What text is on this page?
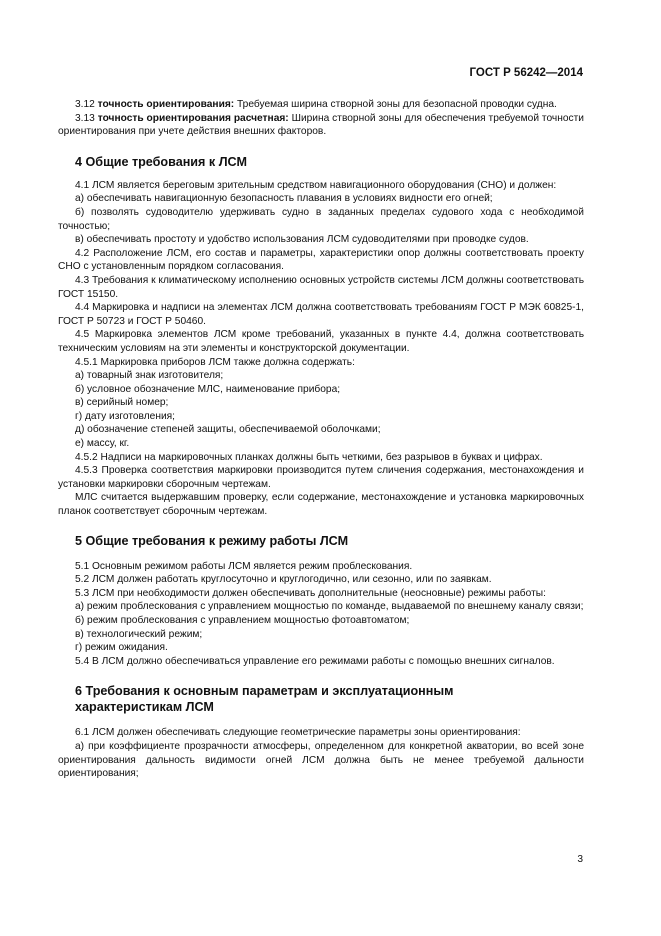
ГОСТ Р 56242—2014

3.12 точность ориентирования: Требуемая ширина створной зоны для безопасной проводки судна.

3.13 точность ориентирования расчетная: Ширина створной зоны для обеспечения требуемой точности ориентирования при учете действия внешних факторов.

4 Общие требования к ЛСМ

4.1 ЛСМ является береговым зрительным средством навигационного оборудования (СНО) и должен:

а) обеспечивать навигационную безопасность плавания в условиях видности его огней;

б) позволять судоводителю удерживать судно в заданных пределах судового хода с необходимой точностью;

в) обеспечивать простоту и удобство использования ЛСМ судоводителями при проводке судов.

4.2 Расположение ЛСМ, его состав и параметры, характеристики опор должны соответствовать проекту СНО с установленным порядком согласования.

4.3 Требования к климатическому исполнению основных устройств системы ЛСМ должны соответствовать ГОСТ 15150.

4.4 Маркировка и надписи на элементах ЛСМ должна соответствовать требованиям ГОСТ Р МЭК 60825-1, ГОСТ Р 50723 и ГОСТ Р 50460.

4.5 Маркировка элементов ЛСМ кроме требований, указанных в пункте 4.4, должна соответствовать техническим условиям на эти элементы и конструкторской документации.

4.5.1 Маркировка приборов ЛСМ также должна содержать:

а) товарный знак изготовителя;

б) условное обозначение МЛС, наименование прибора;

в) серийный номер;

г) дату изготовления;

д) обозначение степеней защиты, обеспечиваемой оболочками;

е) массу, кг.

4.5.2 Надписи на маркировочных планках должны быть четкими, без разрывов в буквах и цифрах.

4.5.3 Проверка соответствия маркировки производится путем сличения содержания, местонахождения и установки маркировки сборочным чертежам.

МЛС считается выдержавшим проверку, если содержание, местонахождение и установка маркировочных планок соответствует сборочным чертежам.

5 Общие требования к режиму работы ЛСМ

5.1 Основным режимом работы ЛСМ является режим проблескования.

5.2 ЛСМ должен работать круглосуточно и круглогодично, или сезонно, или по заявкам.

5.3 ЛСМ при необходимости должен обеспечивать дополнительные (неосновные) режимы работы:

а) режим проблескования с управлением мощностью по команде, выдаваемой по внешнему каналу связи;

б) режим проблескования с управлением мощностью фотоавтоматом;

в) технологический режим;

г) режим ожидания.

5.4 В ЛСМ должно обеспечиваться управление его режимами работы с помощью внешних сигналов.

6 Требования к основным параметрам и эксплуатационным
характеристикам ЛСМ

6.1 ЛСМ должен обеспечивать следующие геометрические параметры зоны ориентирования:

а) при коэффициенте прозрачности атмосферы, определенном для конкретной акватории, во всей зоне ориентирования дальность видимости огней ЛСМ должна быть не менее требуемой дальности ориентирования;

3
